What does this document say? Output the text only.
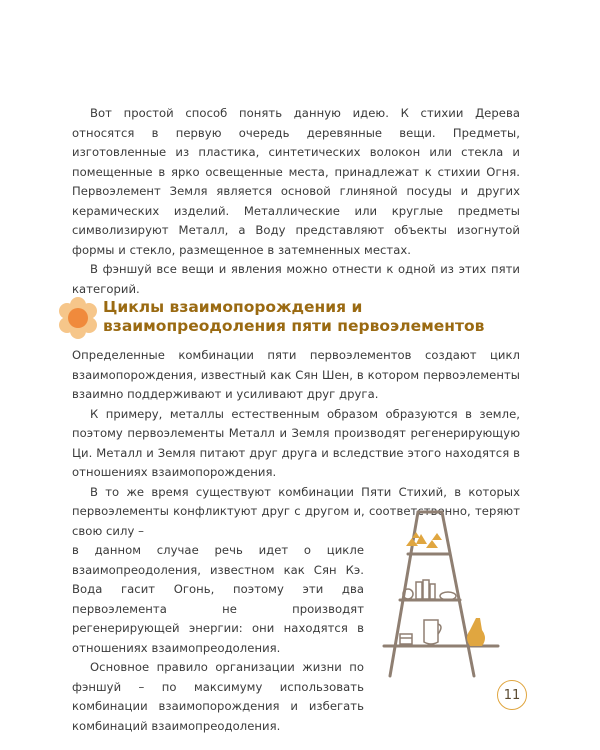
Вот простой способ понять данную идею. К стихии Дерева относятся в первую очередь деревянные вещи. Предметы, изготовленные из пластика, синтетических волокон или стекла и помещенные в ярко освещенные места, принадлежат к стихии Огня. Первоэлемент Земля является основой глиняной посуды и других керамических изделий. Металлические или круглые предметы символизируют Металл, а Воду представляют объекты изогнутой формы и стекло, размещенное в затемненных местах.

В фэншуй все вещи и явления можно отнести к одной из этих пяти категорий.

Циклы взаимопорождения и взаимопреодоления пяти первоэлементов

Определенные комбинации пяти первоэлементов создают цикл взаимопорождения, известный как Сян Шен, в котором первоэлементы взаимно поддерживают и усиливают друг друга.

К примеру, металлы естественным образом образуются в земле, поэтому первоэлементы Металл и Земля производят регенерирующую Ци. Металл и Земля питают друг друга и вследствие этого находятся в отношениях взаимопорождения.

В то же время существуют комбинации Пяти Стихий, в которых первоэлементы конфликтуют друг с другом и, соответственно, теряют свою силу –

в данном случае речь идет о цикле взаимопреодоления, известном как Сян Кэ. Вода гасит Огонь, поэтому эти два первоэлемента не производят регенерирующей энергии: они находятся в отношениях взаимопреодоления.

Основное правило организации жизни по фэншуй – по максимуму использовать комбинации взаимопорождения и избегать комбинаций взаимопреодоления.

11
